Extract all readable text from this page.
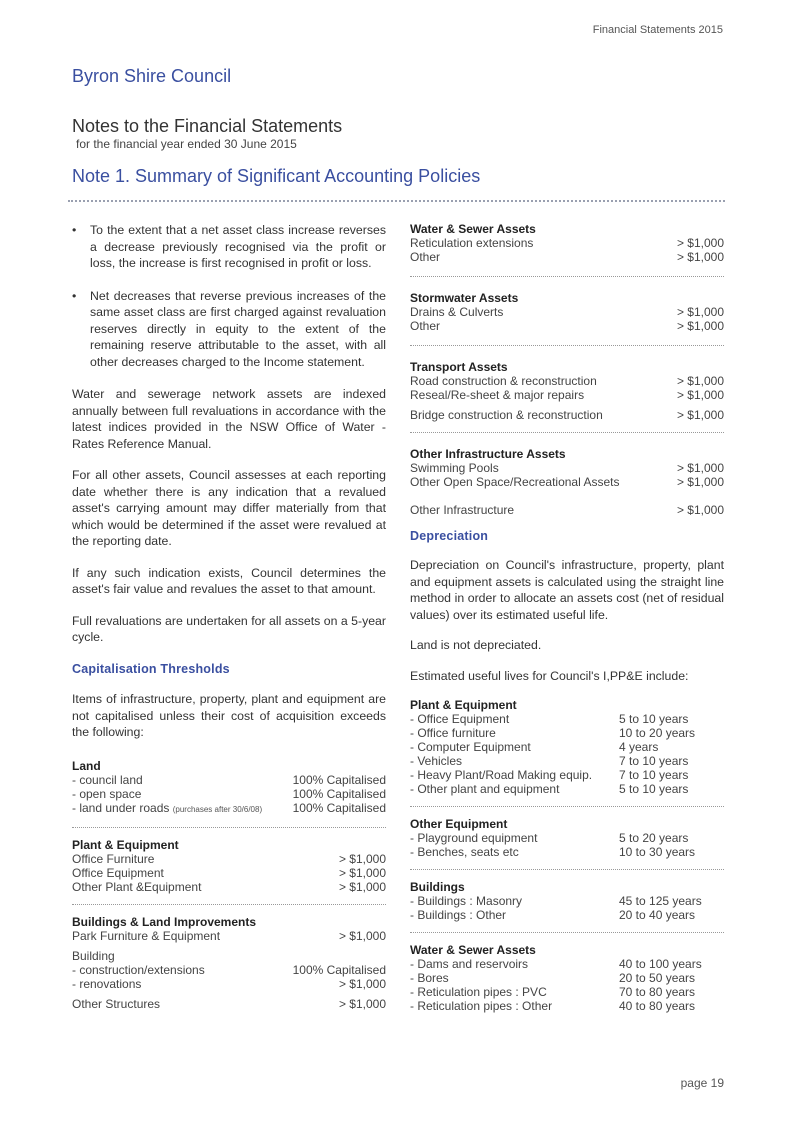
Financial Statements 2015
Byron Shire Council
Notes to the Financial Statements
for the financial year ended 30 June 2015
Note 1. Summary of Significant Accounting Policies
• To the extent that a net asset class increase reverses a decrease previously recognised via the profit or loss, the increase is first recognised in profit or loss.
• Net decreases that reverse previous increases of the same asset class are first charged against revaluation reserves directly in equity to the extent of the remaining reserve attributable to the asset, with all other decreases charged to the Income statement.
Water and sewerage network assets are indexed annually between full revaluations in accordance with the latest indices provided in the NSW Office of Water - Rates Reference Manual.
For all other assets, Council assesses at each reporting date whether there is any indication that a revalued asset's carrying amount may differ materially from that which would be determined if the asset were revalued at the reporting date.
If any such indication exists, Council determines the asset's fair value and revalues the asset to that amount.
Full revaluations are undertaken for all assets on a 5-year cycle.
Capitalisation Thresholds
Items of infrastructure, property, plant and equipment are not capitalised unless their cost of acquisition exceeds the following:
Land
- council land	100% Capitalised
- open space	100% Capitalised
- land under roads (purchases after 30/6/08)	100% Capitalised
Plant & Equipment
Office Furniture	> $1,000
Office Equipment	> $1,000
Other Plant &Equipment	> $1,000
Buildings & Land Improvements
Park Furniture & Equipment	> $1,000
Building
- construction/extensions	100% Capitalised
- renovations	> $1,000
Other Structures	> $1,000
Water & Sewer Assets
Reticulation extensions	> $1,000
Other	> $1,000
Stormwater Assets
Drains & Culverts	> $1,000
Other	> $1,000
Transport Assets
Road construction & reconstruction	> $1,000
Reseal/Re-sheet & major repairs	> $1,000
Bridge construction & reconstruction	> $1,000
Other Infrastructure Assets
Swimming Pools	> $1,000
Other Open Space/Recreational Assets	> $1,000
Other Infrastructure	> $1,000
Depreciation
Depreciation on Council's infrastructure, property, plant and equipment assets is calculated using the straight line method in order to allocate an assets cost (net of residual values) over its estimated useful life.
Land is not depreciated.
Estimated useful lives for Council's I,PP&E include:
Plant & Equipment
- Office Equipment	5 to 10 years
- Office furniture	10 to 20 years
- Computer Equipment	4 years
- Vehicles	7 to 10 years
- Heavy Plant/Road Making equip.	7 to 10 years
- Other plant and equipment	5 to 10 years
Other Equipment
- Playground equipment	5 to 20 years
- Benches, seats etc	10 to 30 years
Buildings
- Buildings : Masonry	45 to 125 years
- Buildings : Other	20 to 40 years
Water & Sewer Assets
- Dams and reservoirs	40 to 100 years
- Bores	20 to 50 years
- Reticulation pipes : PVC	70 to 80 years
- Reticulation pipes : Other	40 to 80 years
page 19
